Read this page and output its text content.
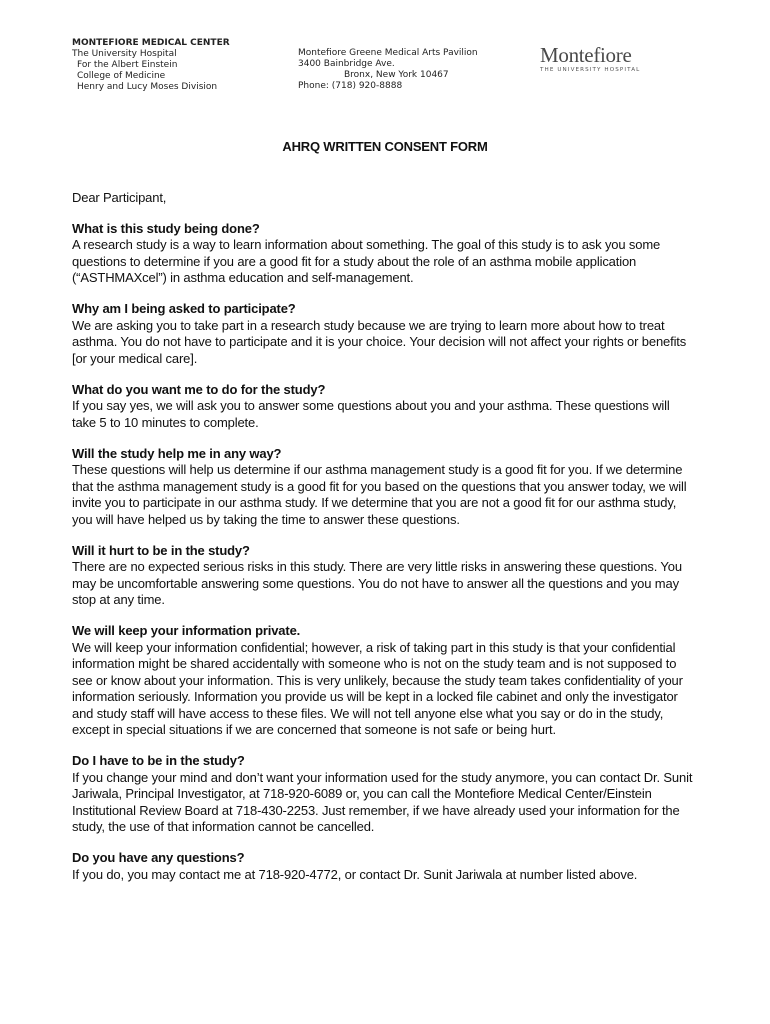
MONTEFIORE MEDICAL CENTER
The University Hospital
For the Albert Einstein
College of Medicine
Henry and Lucy Moses Division
Montefiore Greene Medical Arts Pavilion
3400 Bainbridge Ave.
Bronx, New York 10467
Phone: (718) 920-8888
Montefiore
THE UNIVERSITY HOSPITAL
AHRQ WRITTEN CONSENT FORM

Dear Participant,

What is this study being done?

A research study is a way to learn information about something. The goal of this study is to ask you some questions to determine if you are a good fit for a study about the role of an asthma mobile application (“ASTHMAXcel”) in asthma education and self-management.

Why am I being asked to participate?

We are asking you to take part in a research study because we are trying to learn more about how to treat asthma. You do not have to participate and it is your choice. Your decision will not affect your rights or benefits [or your medical care].

What do you want me to do for the study?

If you say yes, we will ask you to answer some questions about you and your asthma. These questions will take 5 to 10 minutes to complete.

Will the study help me in any way?

These questions will help us determine if our asthma management study is a good fit for you. If we determine that the asthma management study is a good fit for you based on the questions that you answer today, we will invite you to participate in our asthma study. If we determine that you are not a good fit for our asthma study, you will have helped us by taking the time to answer these questions.

Will it hurt to be in the study?

There are no expected serious risks in this study. There are very little risks in answering these questions. You may be uncomfortable answering some questions. You do not have to answer all the questions and you may stop at any time.

We will keep your information private.

We will keep your information confidential; however, a risk of taking part in this study is that your confidential information might be shared accidentally with someone who is not on the study team and is not supposed to see or know about your information. This is very unlikely, because the study team takes confidentiality of your information seriously. Information you provide us will be kept in a locked file cabinet and only the investigator and study staff will have access to these files. We will not tell anyone else what you say or do in the study, except in special situations if we are concerned that someone is not safe or being hurt.

Do I have to be in the study?

If you change your mind and don’t want your information used for the study anymore, you can contact Dr. Sunit Jariwala, Principal Investigator, at 718-920-6089 or, you can call the Montefiore Medical Center/Einstein Institutional Review Board at 718-430-2253. Just remember, if we have already used your information for the study, the use of that information cannot be cancelled.

Do you have any questions?

If you do, you may contact me at 718-920-4772, or contact Dr. Sunit Jariwala at number listed above.
